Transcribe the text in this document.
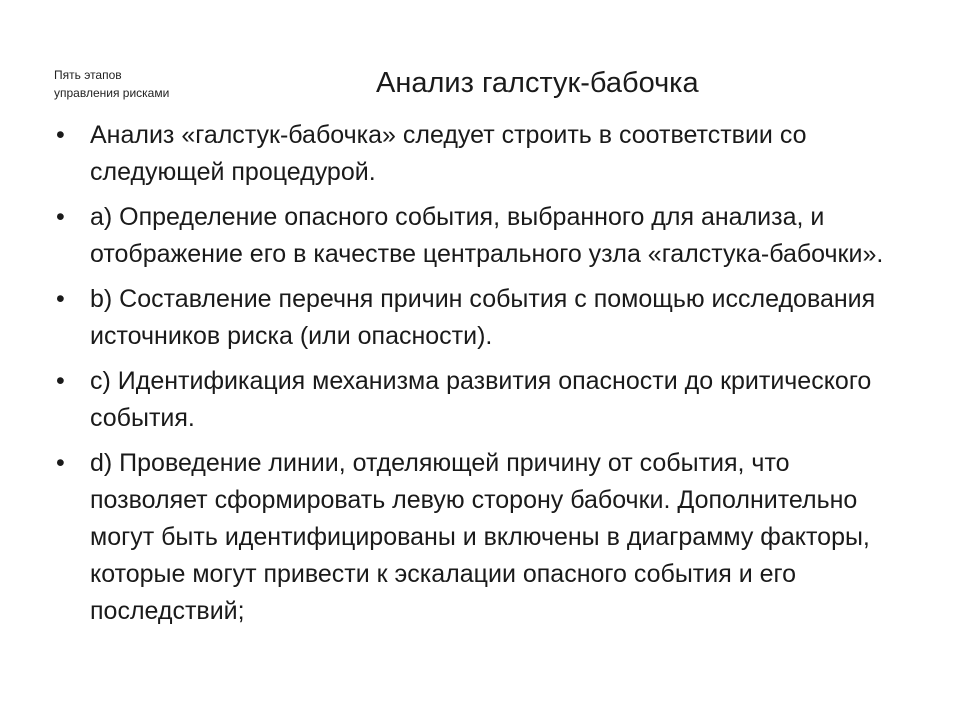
Пять этапов
управления рисками	Анализ галстук-бабочка
•	Анализ «галстук-бабочка» следует строить в соответствии со следующей процедурой.
•	a) Определение опасного события, выбранного для анализа, и отображение его в качестве центрального узла «галстука-бабочки».
•	b) Составление перечня причин события с помощью исследования источников риска (или опасности).
•	c) Идентификация механизма развития опасности до критического события.
•	d) Проведение линии, отделяющей причину от события, что позволяет сформировать левую сторону бабочки. Дополнительно могут быть идентифицированы и включены в диаграмму факторы, которые могут привести к эскалации опасного события и его последствий;
